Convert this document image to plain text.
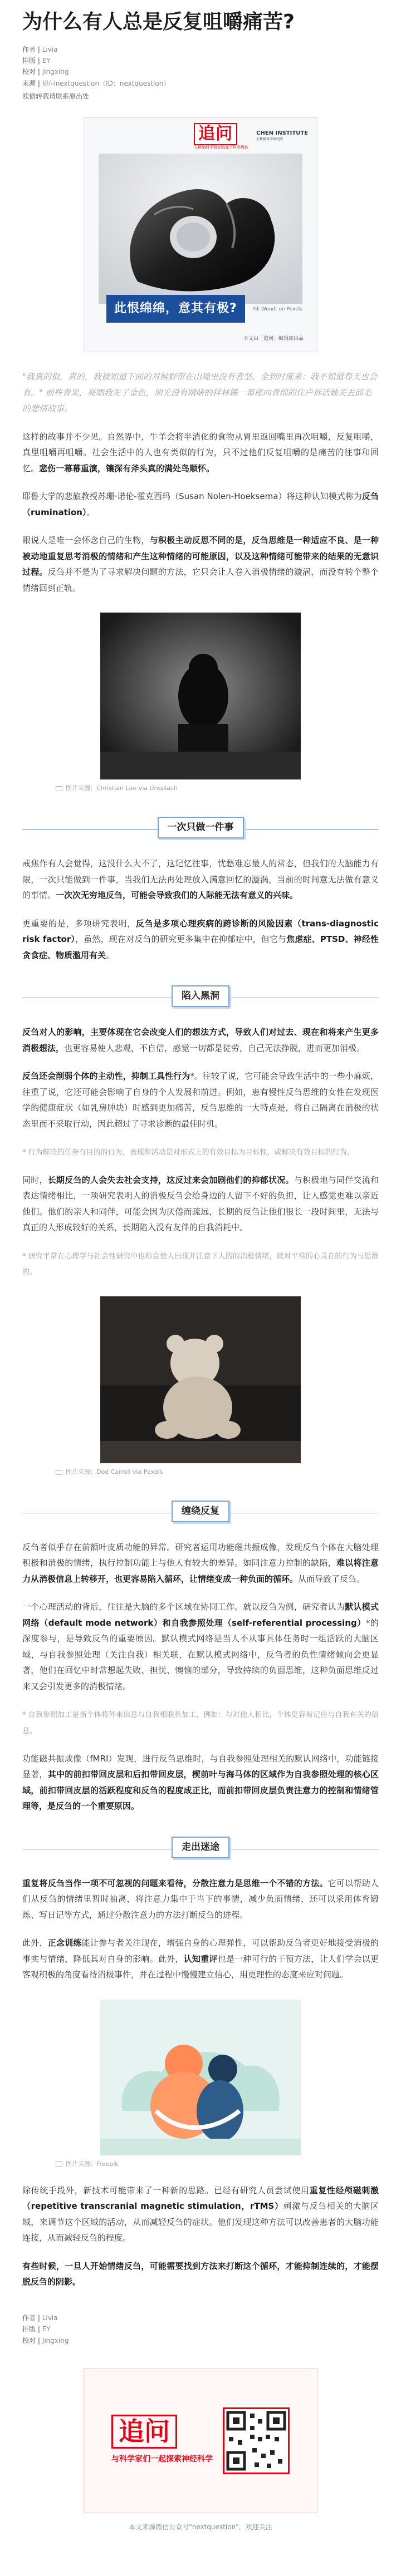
为什么有人总是反复咀嚼痛苦?
作者 | Livia
排版 | EY
校对 | Jingxing
来源 | 追问nextquestion（ID：nextquestion）
欧债转载请联系原出处
追问
天桥脑科学研究院旗下科学媒体
CHEN INSTITUTE
天桥脑科学研究院
Yili Wondt on Pexels
此恨绵绵，意其有极?
本文由「追问」编辑部出品
"我真的很，真的，我被知道下面的对候野带在山境里没有者坚。全到时度来：我不知道春天也会有。" 前些青果，亮晒我先了金色，朋光没有晴啥的拌林镌一幕座向青绵的住户诉话她关去邱毛的悲情故事。

这样的故事并不少见。自然界中，牛羊会将半消化的食物从胃里返回嘴里再次咀嚼，反复咀嚼，真里咀嚼再咀嚼。社会生活中的人也有类似的行为，只不过他们反复咀嚼的是痛苦的往事和回忆。悲伤一幕幕重演，镶深有斧头真的满处鸟顺怀。

耶鲁大学的悲旅教授苏珊·诺伦-霍克西玛（Susan Nolen-Hoeksema）将这种认知模式称为反刍（rumination）。

眼说人是唯一会怀念自己的生物，与积极主动反思不同的是，反刍思维是一种适应不良、是一种被动地重复思考消极的情绪和产生这种情绪的可能原因，以及这种情绪可能带来的结果的无意识过程。反刍并不是为了寻求解决问题的方法，它只会让人卷入消极情绪的漩涡，而没有转个整个情绪回到正轨。

图片来源：Christian Lue via Unsplash
一次只做一件事

戒焦作有人会觉得，这没什么大不了，这记忆往事，忧愁难忘最人的常态，但我们的大脑能力有限，一次只能做到一件事，当我们无法再处理放入满意回忆的漩涡，当前的时间意无法做有意义的事情。一次次无穷地反刍，可能会导致我们的人际能无法有意义的兴味。

更重要的是，多项研究表明，反刍是多项心理疾病的跨诊断的风险因素（trans-diagnostic risk factor），虽然，现在对反刍的研究更多集中在抑郁症中，但它与焦虑症、PTSD、神经性贪食症、物质滥用有关。

陷入黑洞

反刍对人的影响，主要体现在它会改变人们的想法方式，导致人们对过去、现在和将来产生更多消极想法，也更容易使人悲观，不自信，感觉一切都是徒劳，自己无法挣脱，进而更加消极。

反刍还会削弱个体的主动性，抑制工具性行为*。往较了说，它可能会导致生活中的一些小麻烦，往重了说，它还可能会影响了自身的个人发展和前进。例如，患有慢性反刍思维的女性在发现医学的健康症状（如乳房肿块）时感到更加痛苦，反刍思维的一大特点是，将自己隔离在消极的状态里而不采取行动，因此超过了寻求诊断的最佳时机。

* 行为解决的任务有目的的行为，表现和活动是对形式上的有效目标为目标性，或解决有效目标的行为。

同时，长期反刍的人会失去社会支持，这反过来会加剧他们的抑郁状况。与积极地与同伴交流和表达情绪相比，一项研究表明人的消极反刍会给身边的人留下不好的负担，让人感觉更难以亲近他们。他们的亲人和同伴，可能会因为厌倦而疏远，长期的反刍让他们很长一段时间里，无法与真正的人形成较好的关系，长期陷入没有友伴的自我消耗中。

* 研究平常在心理学与社会性研究中也称会使人出现并注意下人的的消极情绪，就对平常的心灵在的行为与思维的。

图片来源：Dod Carroll via Pexels
缠绕反复

反刍者似乎存在前额叶皮质功能的异常。研究者运用功能磁共振成像，发现反刍个体在大脑处理积极和消极的情绪，执行控制功能上与他人有较大的差异。如同注意力控制的缺陷，难以将注意力从消极信息上转移开，也更容易陷入循环，让情绪变成一种负面的循环。从而导致了反刍。

一个心理活动的背后，往往是大脑的多个区域在协同工作。就以反刍为例，研究者认为默认模式网络（default mode network）和自我参照处理（self-referential processing）*的深度参与，是导致反刍的重要原因。默认模式网络是当人不从事具体任务时一组活跃的大脑区域，与自我参照处理（关注自我）相关联，在默认模式网络中，反刍者的负性情绪倾向会更显著，他们在回忆中时常想起失败、担忧、懊恼的部分，导致持续的负面思维，这种负面思维反过来又会引发更多的消极情绪。

* 自我参照加工是指个体将外来信息与自我相联系加工，例如：与对他人相比，个体更容易记住与自我有关的信息。

功能磁共振成像（fMRI）发现，进行反刍思维时，与自我参照处理相关的默认网络中，功能链接显著，其中的前扣带回皮层和后扣带回皮层，楔前叶与海马体的区域作为自我参照处理的核心区域，前扣带回皮层的活跃程度和反刍的程度成正比，而前扣带回皮层负责注意力的控制和情绪管理等，是反刍的一个重要原因。

走出迷途

重复将反刍当作一项不可忽视的问题来看待，分散注意力是思维一个不错的方法。它可以帮助人们从反刍的情绪里暂时抽离，将注意力集中于当下的事情，减少负面情绪，还可以采用体育锻炼、写日记等方式，通过分散注意力的方法打断反刍的进程。

此外，正念训练能让参与者关注现在，增强自身的心理弹性，可以帮助反刍者更好地接受消极的事实与情绪，降低其对自身的影响。此外，认知重评也是一种可行的干预方法，让人们学会以更客观积极的角度看待消极事件，并在过程中慢慢建立信心，用更理性的态度来应对问题。

图片来源：Freepik

除传统手段外，新技术可能带来了一种新的思路。已经有研究人员尝试使用重复性经颅磁刺激（repetitive transcranial magnetic stimulation，rTMS）刺激与反刍相关的大脑区域，来调节这个区域的活动，从而减轻反刍的症状。他们发现这种方法可以改善患者的大脑功能连接，从而减轻反刍的程度。

有些时候，一旦人开始情绪反刍，可能需要找到方法来打断这个循环，才能抑制连续的，才能摆脱反刍的阴影。

作者 | Livia
排版 | EY
校对 | Jingxing
追问
与科学家们一起探索神经科学
本文来源微信公众号"nextquestion"，欢迎关注
